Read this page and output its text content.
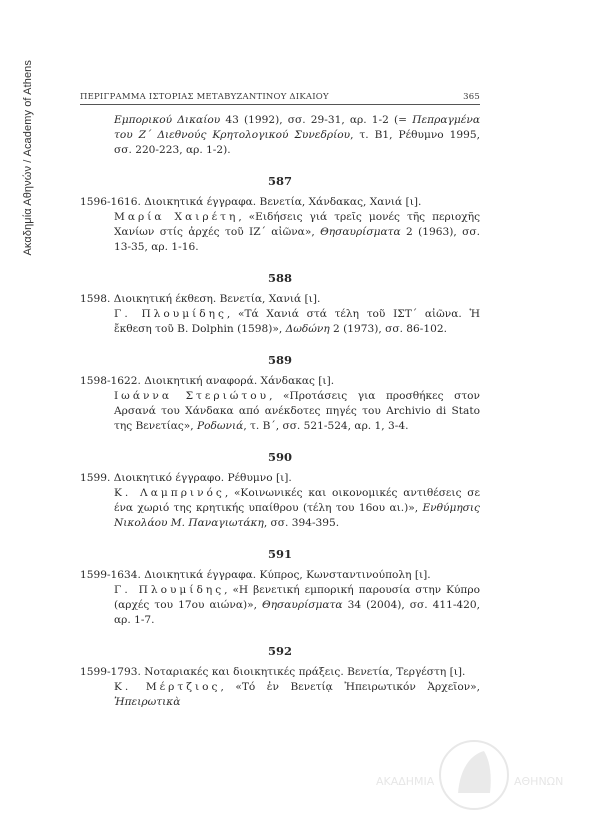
Ακαδημία Αθηνών / Academy of Athens	ΠΕΡΙΓΡΑΜΜΑ ΙΣΤΟΡΙΑΣ ΜΕΤΑΒΥΖΑΝΤΙΝΟΥ ΔΙΚΑΙΟΥ	365
Εμπορικού Δικαίου 43 (1992), σσ. 29-31, αρ. 1-2 (= Πεπραγμένα του Ζ΄ Διεθνούς Κρητολογικού Συνεδρίου, τ. Β1, Ρέθυμνο 1995, σσ. 220-223, αρ. 1-2).
587

1596-1616. Διοικητικά έγγραφα. Βενετία, Χάνδακας, Χανιά [ι].

Μαρία Χαιρέτη, «Ειδήσεις γιά τρεῖς μονές τῆς περιοχῆς Χανίων στίς ἀρχές τοῦ ΙΖ΄ αἰῶνα», Θησαυρίσματα 2 (1963), σσ. 13-35, αρ. 1-16.
588

1598. Διοικητική έκθεση. Βενετία, Χανιά [ι].

Γ. Πλουμίδης, «Τά Χανιά στά τέλη τοῦ ΙΣΤ΄ αἰῶνα. Ἡ ἔκθεση τοῦ Β. Dolphin (1598)», Δωδώνη 2 (1973), σσ. 86-102.
589

1598-1622. Διοικητική αναφορά. Χάνδακας [ι].

Ιωάννα Στεριώτου, «Προτάσεις για προσθήκες στον Αρσανά του Χάνδακα από ανέκδοτες πηγές του Archivio di Stato της Βενετίας», Ροδωνιά, τ. Β΄, σσ. 521-524, αρ. 1, 3-4.
590

1599. Διοικητικό έγγραφο. Ρέθυμνο [ι].

Κ. Λαμπρινός, «Κοινωνικές και οικονομικές αντιθέσεις σε ένα χωριό της κρητικής υπαίθρου (τέλη του 16ου αι.)», Ενθύμησις Νικολάου Μ. Παναγιωτάκη, σσ. 394-395.
591

1599-1634. Διοικητικά έγγραφα. Κύπρος, Κωνσταντινούπολη [ι].

Γ. Πλουμίδης, «Η βενετική εμπορική παρουσία στην Κύπρο (αρχές του 17ου αιώνα)», Θησαυρίσματα 34 (2004), σσ. 411-420, αρ. 1-7.
592

1599-1793. Νοταριακές και διοικητικές πράξεις. Βενετία, Τεργέστη [ι].

Κ. Μέρτζιος, «Τό ἐν Βενετίᾳ Ἠπειρωτικόν Ἀρχεῖον», Ἠπειρωτικὰ
ΑΚΑΔΗΜΙΑ	ΑΘΗΝΩΝ
